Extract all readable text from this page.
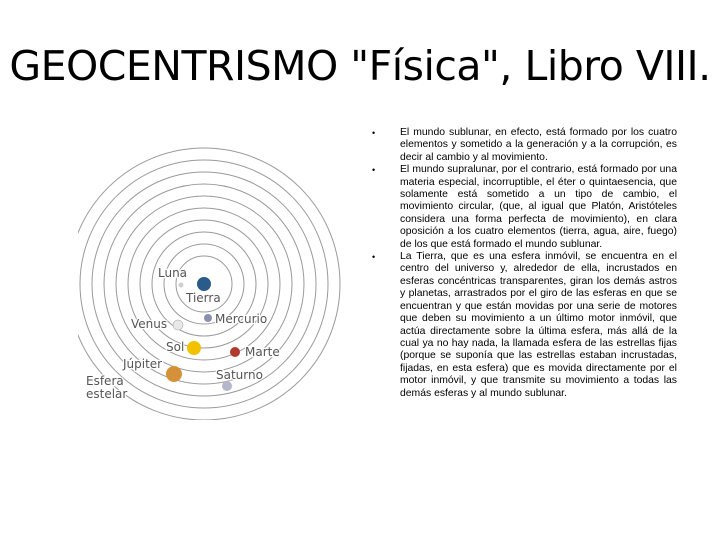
GEOCENTRISMO "Física", Libro VIII.
Luna
Tierra
Venus	Mercurio
Sol	Marte
Júpiter
Saturno
Esfera
estelar
•	El mundo sublunar, en efecto, está formado por los cuatro elementos y sometido a la generación y a la corrupción, es decir al cambio y al movimiento.
•	El mundo supralunar, por el contrario, está formado por una materia especial, incorruptible, el éter o quintaesencia, que solamente está sometido a un tipo de cambio, el movimiento circular, (que, al igual que Platón, Aristóteles considera una forma perfecta de movimiento), en clara oposición a los cuatro elementos (tierra, agua, aire, fuego) de los que está formado el mundo sublunar.
•	La Tierra, que es una esfera inmóvil, se encuentra en el centro del universo y, alrededor de ella, incrustados en esferas concéntricas transparentes, giran los demás astros y planetas, arrastrados por el giro de las esferas en que se encuentran y que están movidas por una serie de motores que deben su movimiento a un último motor inmóvil, que actúa directamente sobre la última esfera, más allá de la cual ya no hay nada, la llamada esfera de las estrellas fijas (porque se suponía que las estrellas estaban incrustadas, fijadas, en esta esfera) que es movida directamente por el motor inmóvil, y que transmite su movimiento a todas las demás esferas y al mundo sublunar.
